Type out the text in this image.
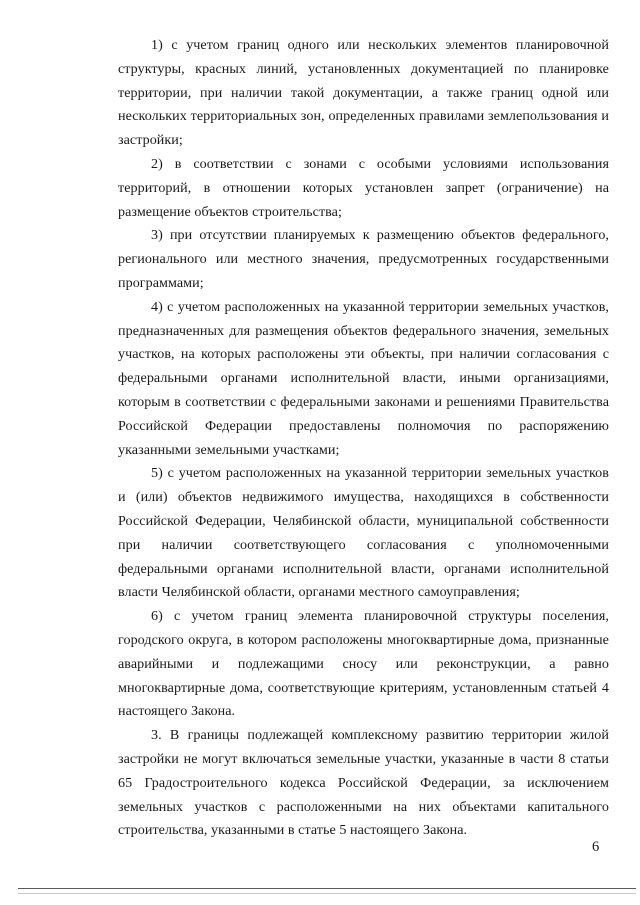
1) с учетом границ одного или нескольких элементов планировочной структуры, красных линий, установленных документацией по планировке территории, при наличии такой документации, а также границ одной или нескольких территориальных зон, определенных правилами землепользования и застройки;

2) в соответствии с зонами с особыми условиями использования территорий, в отношении которых установлен запрет (ограничение) на размещение объектов строительства;

3) при отсутствии планируемых к размещению объектов федерального, регионального или местного значения, предусмотренных государственными программами;

4) с учетом расположенных на указанной территории земельных участков, предназначенных для размещения объектов федерального значения, земельных участков, на которых расположены эти объекты, при наличии согласования с федеральными органами исполнительной власти, иными организациями, которым в соответствии с федеральными законами и решениями Правительства Российской Федерации предоставлены полномочия по распоряжению указанными земельными участками;

5) с учетом расположенных на указанной территории земельных участков и (или) объектов недвижимого имущества, находящихся в собственности Российской Федерации, Челябинской области, муниципальной собственности при наличии соответствующего согласования с уполномоченными федеральными органами исполнительной власти, органами исполнительной власти Челябинской области, органами местного самоуправления;

6) с учетом границ элемента планировочной структуры поселения, городского округа, в котором расположены многоквартирные дома, признанные аварийными и подлежащими сносу или реконструкции, а равно многоквартирные дома, соответствующие критериям, установленным статьей 4 настоящего Закона.

3. В границы подлежащей комплексному развитию территории жилой застройки не могут включаться земельные участки, указанные в части 8 статьи 65 Градостроительного кодекса Российской Федерации, за исключением земельных участков с расположенными на них объектами капитального строительства, указанными в статье 5 настоящего Закона.

6
